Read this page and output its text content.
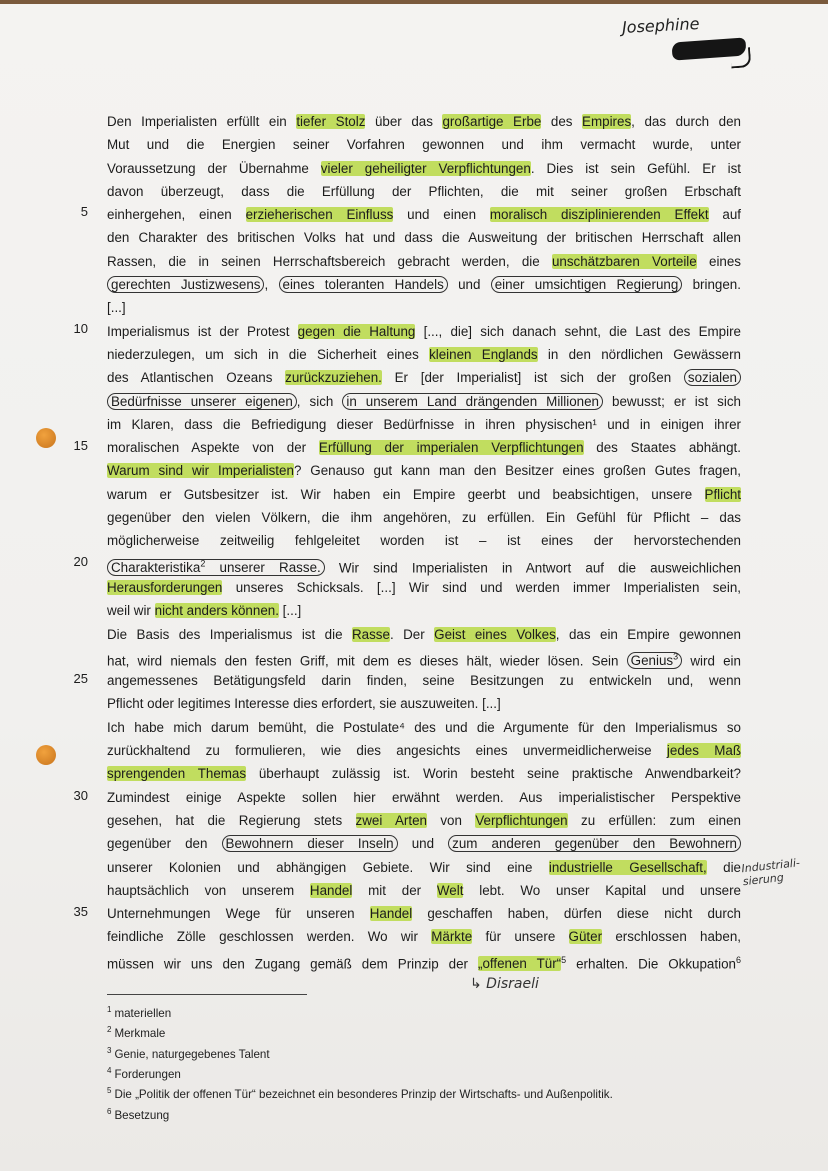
Josephine
5
10
15
20
25
30
35
Den Imperialisten erfüllt ein tiefer Stolz über das großartige Erbe des Empires, das durch den
Mut und die Energien seiner Vorfahren gewonnen und ihm vermacht wurde, unter
Voraussetzung der Übernahme vieler geheiligter Verpflichtungen. Dies ist sein Gefühl. Er ist
davon überzeugt, dass die Erfüllung der Pflichten, die mit seiner großen Erbschaft
einhergehen, einen erzieherischen Einfluss und einen moralisch disziplinierenden Effekt auf
den Charakter des britischen Volks hat und dass die Ausweitung der britischen Herrschaft allen
Rassen, die in seinen Herrschaftsbereich gebracht werden, die unschätzbaren Vorteile eines
gerechten Justizwesens , eines toleranten Handels und einer umsichtigen Regierung bringen.
[...]
Imperialismus ist der Protest gegen die Haltung [..., die] sich danach sehnt, die Last des Empire
niederzulegen, um sich in die Sicherheit eines kleinen Englands in den nördlichen Gewässern
des Atlantischen Ozeans zurückzuziehen. Er [der Imperialist] ist sich der großen sozialen
Bedürfnisse unserer eigenen , sich in unserem Land drängenden Millionen bewusst; er ist sich
im Klaren, dass die Befriedigung dieser Bedürfnisse in ihren physischen¹ und in einigen ihrer
moralischen Aspekte von der Erfüllung der imperialen Verpflichtungen des Staates abhängt.
Warum sind wir Imperialisten? Genauso gut kann man den Besitzer eines großen Gutes fragen,
warum er Gutsbesitzer ist. Wir haben ein Empire geerbt und beabsichtigen, unsere Pflicht
gegenüber den vielen Völkern, die ihm angehören, zu erfüllen. Ein Gefühl für Pflicht – das
möglicherweise zeitweilig fehlgeleitet worden ist – ist eines der hervorstechenden
Charakteristika$^2$ unserer Rasse. Wir sind Imperialisten in Antwort auf die ausweichlichen
Herausforderungen unseres Schicksals. [...] Wir sind und werden immer Imperialisten sein,
weil wir nicht anders können. [...]
Die Basis des Imperialismus ist die Rasse. Der Geist eines Volkes, das ein Empire gewonnen
hat, wird niemals den festen Griff, mit dem es dieses hält, wieder lösen. Sein Genius$^3$ wird ein
angemessenes Betätigungsfeld darin finden, seine Besitzungen zu entwickeln und, wenn
Pflicht oder legitimes Interesse dies erfordert, sie auszuweiten. [...]
Ich habe mich darum bemüht, die Postulate⁴ des und die Argumente für den Imperialismus so
zurückhaltend zu formulieren, wie dies angesichts eines unvermeidlicherweise jedes Maß
sprengenden Themas überhaupt zulässig ist. Worin besteht seine praktische Anwendbarkeit?
Zumindest einige Aspekte sollen hier erwähnt werden. Aus imperialistischer Perspektive
gesehen, hat die Regierung stets zwei Arten von Verpflichtungen zu erfüllen: zum einen
gegenüber den Bewohnern dieser Inseln und zum anderen gegenüber den Bewohnern
unserer Kolonien und abhängigen Gebiete. Wir sind eine industrielle Gesellschaft, die
hauptsächlich von unserem Handel mit der Welt lebt. Wo unser Kapital und unsere
Unternehmungen Wege für unseren Handel geschaffen haben, dürfen diese nicht durch
feindliche Zölle geschlossen werden. Wo wir Märkte für unsere Güter erschlossen haben,
müssen wir uns den Zugang gemäß dem Prinzip der „offenen Tür“$^5$ erhalten. Die Okkupation$^6$
Industriali- sierung
↳ Disraeli
$^1$ materiellen
$^2$ Merkmale
$^3$ Genie, naturgegebenes Talent
$^4$ Forderungen
$^5$ Die „Politik der offenen Tür“ bezeichnet ein besonderes Prinzip der Wirtschafts- und Außenpolitik.
$^6$ Besetzung
